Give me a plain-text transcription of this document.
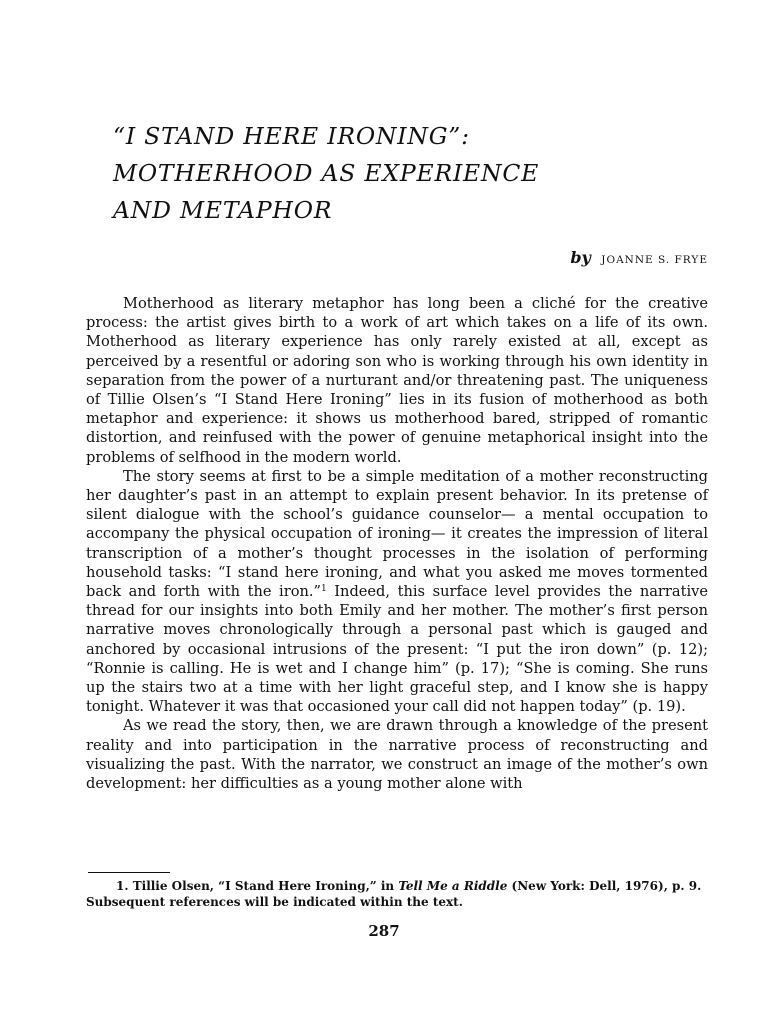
“I STAND HERE IRONING”:
MOTHERHOOD AS EXPERIENCE
AND METAPHOR
by JOANNE S. FRYE

Motherhood as literary metaphor has long been a cliché for the creative process: the artist gives birth to a work of art which takes on a life of its own. Motherhood as literary experience has only rarely existed at all, except as perceived by a resentful or adoring son who is working through his own identity in separation from the power of a nurturant and/or threatening past. The uniqueness of Tillie Olsen’s “I Stand Here Ironing” lies in its fusion of motherhood as both metaphor and experience: it shows us motherhood bared, stripped of romantic distortion, and reinfused with the power of genuine metaphorical insight into the problems of selfhood in the modern world.

The story seems at first to be a simple meditation of a mother reconstructing her daughter’s past in an attempt to explain present behavior. In its pretense of silent dialogue with the school’s guidance counselor— a mental occupation to accompany the physical occupation of ironing— it creates the impression of literal transcription of a mother’s thought processes in the isolation of performing household tasks: “I stand here ironing, and what you asked me moves tormented back and forth with the iron.”$^1$ Indeed, this surface level provides the narrative thread for our insights into both Emily and her mother. The mother’s first person narrative moves chronologically through a personal past which is gauged and anchored by occasional intrusions of the present: “I put the iron down” (p. 12); “Ronnie is calling. He is wet and I change him” (p. 17); “She is coming. She runs up the stairs two at a time with her light graceful step, and I know she is happy tonight. Whatever it was that occasioned your call did not happen today” (p. 19).

As we read the story, then, we are drawn through a knowledge of the present reality and into participation in the narrative process of reconstructing and visualizing the past. With the narrator, we construct an image of the mother’s own development: her difficulties as a young mother alone with

1. Tillie Olsen, “I Stand Here Ironing,” in Tell Me a Riddle (New York: Dell, 1976), p. 9. Subsequent references will be indicated within the text.
287
